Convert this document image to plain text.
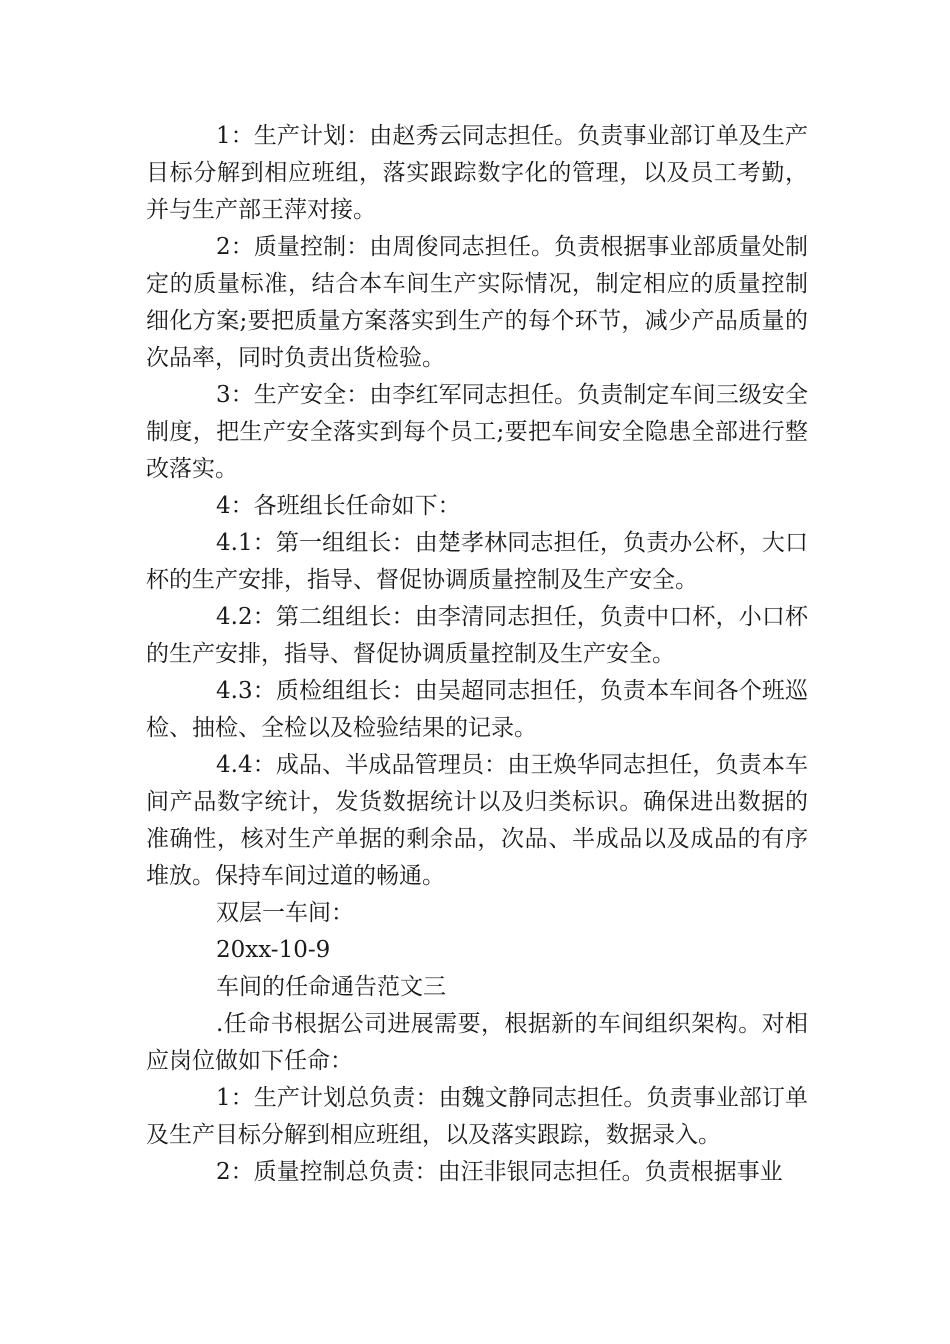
1：生产计划：由赵秀云同志担任。负责事业部订单及生产目标分解到相应班组，落实跟踪数字化的管理，以及员工考勤，并与生产部王萍对接。

2：质量控制：由周俊同志担任。负责根据事业部质量处制定的质量标准，结合本车间生产实际情况，制定相应的质量控制细化方案;要把质量方案落实到生产的每个环节，减少产品质量的次品率，同时负责出货检验。

3：生产安全：由李红军同志担任。负责制定车间三级安全制度，把生产安全落实到每个员工;要把车间安全隐患全部进行整改落实。

4：各班组长任命如下：

4.1：第一组组长：由楚孝林同志担任，负责办公杯，大口杯的生产安排，指导、督促协调质量控制及生产安全。

4.2：第二组组长：由李清同志担任，负责中口杯，小口杯的生产安排，指导、督促协调质量控制及生产安全。

4.3：质检组组长：由吴超同志担任，负责本车间各个班巡检、抽检、全检以及检验结果的记录。

4.4：成品、半成品管理员：由王焕华同志担任，负责本车间产品数字统计，发货数据统计以及归类标识。确保进出数据的准确性，核对生产单据的剩余品，次品、半成品以及成品的有序堆放。保持车间过道的畅通。

双层一车间：

20xx-10-9

车间的任命通告范文三

.任命书根据公司进展需要，根据新的车间组织架构。对相应岗位做如下任命：

1：生产计划总负责：由魏文静同志担任。负责事业部订单及生产目标分解到相应班组，以及落实跟踪，数据录入。

2：质量控制总负责：由汪非银同志担任。负责根据事业
